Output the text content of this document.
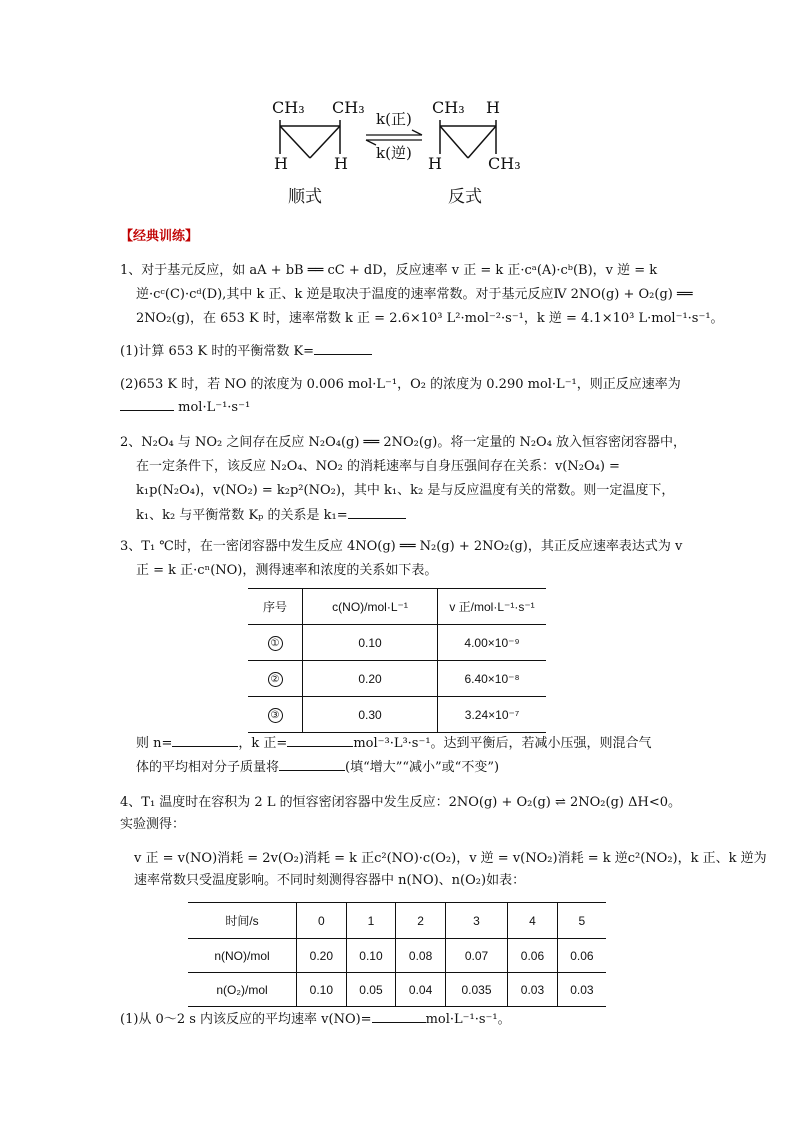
CH₃ CH₃
H	H
k(正)
k(逆)
CH₃ H
H	CH₃
顺式	反式
【经典训练】
1、对于基元反应，如 aA + bB ══ cC + dD，反应速率 v 正 = k 正·cᵃ(A)·cᵇ(B)，v 逆 = k
逆·cᶜ(C)·cᵈ(D),其中 k 正、k 逆是取决于温度的速率常数。对于基元反应Ⅳ 2NO(g) + O₂(g) ══
2NO₂(g)，在 653 K 时，速率常数 k 正 = 2.6×10³ L²·mol⁻²·s⁻¹，k 逆 = 4.1×10³ L·mol⁻¹·s⁻¹。
(1)计算 653 K 时的平衡常数 K=
(2)653 K 时，若 NO 的浓度为 0.006 mol·L⁻¹，O₂ 的浓度为 0.290 mol·L⁻¹，则正反应速率为
mol·L⁻¹·s⁻¹
2、N₂O₄ 与 NO₂ 之间存在反应 N₂O₄(g) ══ 2NO₂(g)。将一定量的 N₂O₄ 放入恒容密闭容器中，
在一定条件下，该反应 N₂O₄、NO₂ 的消耗速率与自身压强间存在关系：v(N₂O₄) =
k₁p(N₂O₄)，v(NO₂) = k₂p²(NO₂)，其中 k₁、k₂ 是与反应温度有关的常数。则一定温度下，
k₁、k₂ 与平衡常数 Kₚ 的关系是 k₁=
3、T₁ ℃时，在一密闭容器中发生反应 4NO(g) ══ N₂(g) + 2NO₂(g)，其正反应速率表达式为 v
正 = k 正·cⁿ(NO)，测得速率和浓度的关系如下表。
序号	c(NO)/mol·L⁻¹	v 正/mol·L⁻¹·s⁻¹
①	0.10	4.00×10⁻⁹
②	0.20	6.40×10⁻⁸
③	0.30	3.24×10⁻⁷
则 n=	，k 正=	mol⁻³·L³·s⁻¹。达到平衡后，若减小压强，则混合气
体的平均相对分子质量将	(填“增大”“减小”或“不变”)
4、T₁ 温度时在容积为 2 L 的恒容密闭容器中发生反应：2NO(g) + O₂(g) ⇌ 2NO₂(g) ΔH<0。
实验测得：
v 正 = v(NO)消耗 = 2v(O₂)消耗 = k 正c²(NO)·c(O₂)，v 逆 = v(NO₂)消耗 = k 逆c²(NO₂)，k 正、k 逆为
速率常数只受温度影响。不同时刻测得容器中 n(NO)、n(O₂)如表：
时间/s	0	1	2	3	4	5
n(NO)/mol	0.20	0.10	0.08	0.07	0.06	0.06
n(O₂)/mol	0.10	0.05	0.04	0.035	0.03	0.03
(1)从 0～2 s 内该反应的平均速率 v(NO)=	mol·L⁻¹·s⁻¹。
